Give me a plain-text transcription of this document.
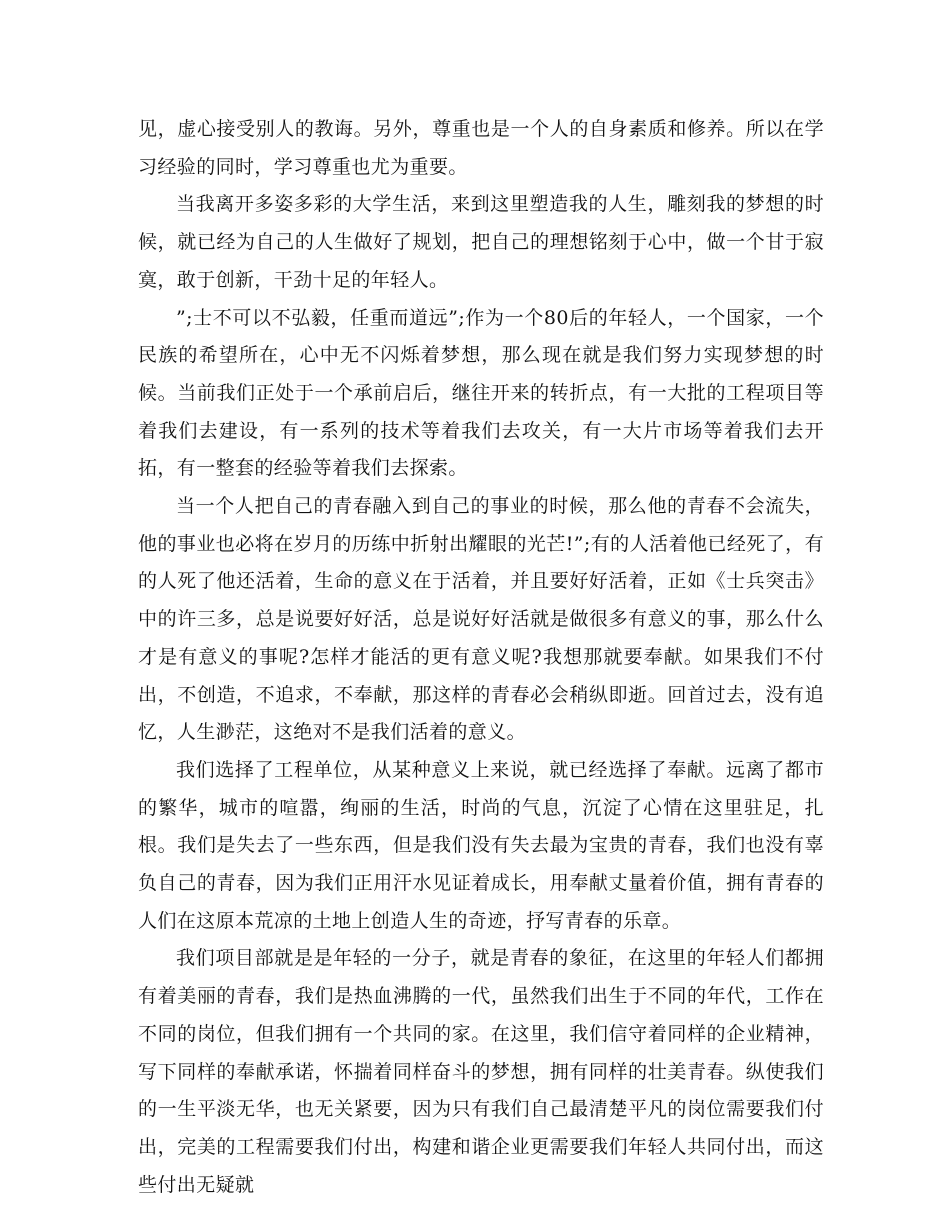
见，虚心接受别人的教诲。另外，尊重也是一个人的自身素质和修养。所以在学习经验的同时，学习尊重也尤为重要。

当我离开多姿多彩的大学生活，来到这里塑造我的人生，雕刻我的梦想的时候，就已经为自己的人生做好了规划，把自己的理想铭刻于心中，做一个甘于寂寞，敢于创新，干劲十足的年轻人。

”;士不可以不弘毅，任重而道远”;作为一个80后的年轻人，一个国家，一个民族的希望所在，心中无不闪烁着梦想，那么现在就是我们努力实现梦想的时候。当前我们正处于一个承前启后，继往开来的转折点，有一大批的工程项目等着我们去建设，有一系列的技术等着我们去攻关，有一大片市场等着我们去开拓，有一整套的经验等着我们去探索。

当一个人把自己的青春融入到自己的事业的时候，那么他的青春不会流失，他的事业也必将在岁月的历练中折射出耀眼的光芒!”;有的人活着他已经死了，有的人死了他还活着，生命的意义在于活着，并且要好好活着，正如《士兵突击》中的许三多，总是说要好好活，总是说好好活就是做很多有意义的事，那么什么才是有意义的事呢?怎样才能活的更有意义呢?我想那就要奉献。如果我们不付出，不创造，不追求，不奉献，那这样的青春必会稍纵即逝。回首过去，没有追忆，人生渺茫，这绝对不是我们活着的意义。

我们选择了工程单位，从某种意义上来说，就已经选择了奉献。远离了都市的繁华，城市的喧嚣，绚丽的生活，时尚的气息，沉淀了心情在这里驻足，扎根。我们是失去了一些东西，但是我们没有失去最为宝贵的青春，我们也没有辜负自己的青春，因为我们正用汗水见证着成长，用奉献丈量着价值，拥有青春的人们在这原本荒凉的土地上创造人生的奇迹，抒写青春的乐章。

我们项目部就是是年轻的一分子，就是青春的象征，在这里的年轻人们都拥有着美丽的青春，我们是热血沸腾的一代，虽然我们出生于不同的年代，工作在不同的岗位，但我们拥有一个共同的家。在这里，我们信守着同样的企业精神，写下同样的奉献承诺，怀揣着同样奋斗的梦想，拥有同样的壮美青春。纵使我们的一生平淡无华，也无关紧要，因为只有我们自己最清楚平凡的岗位需要我们付出，完美的工程需要我们付出，构建和谐企业更需要我们年轻人共同付出，而这些付出无疑就
